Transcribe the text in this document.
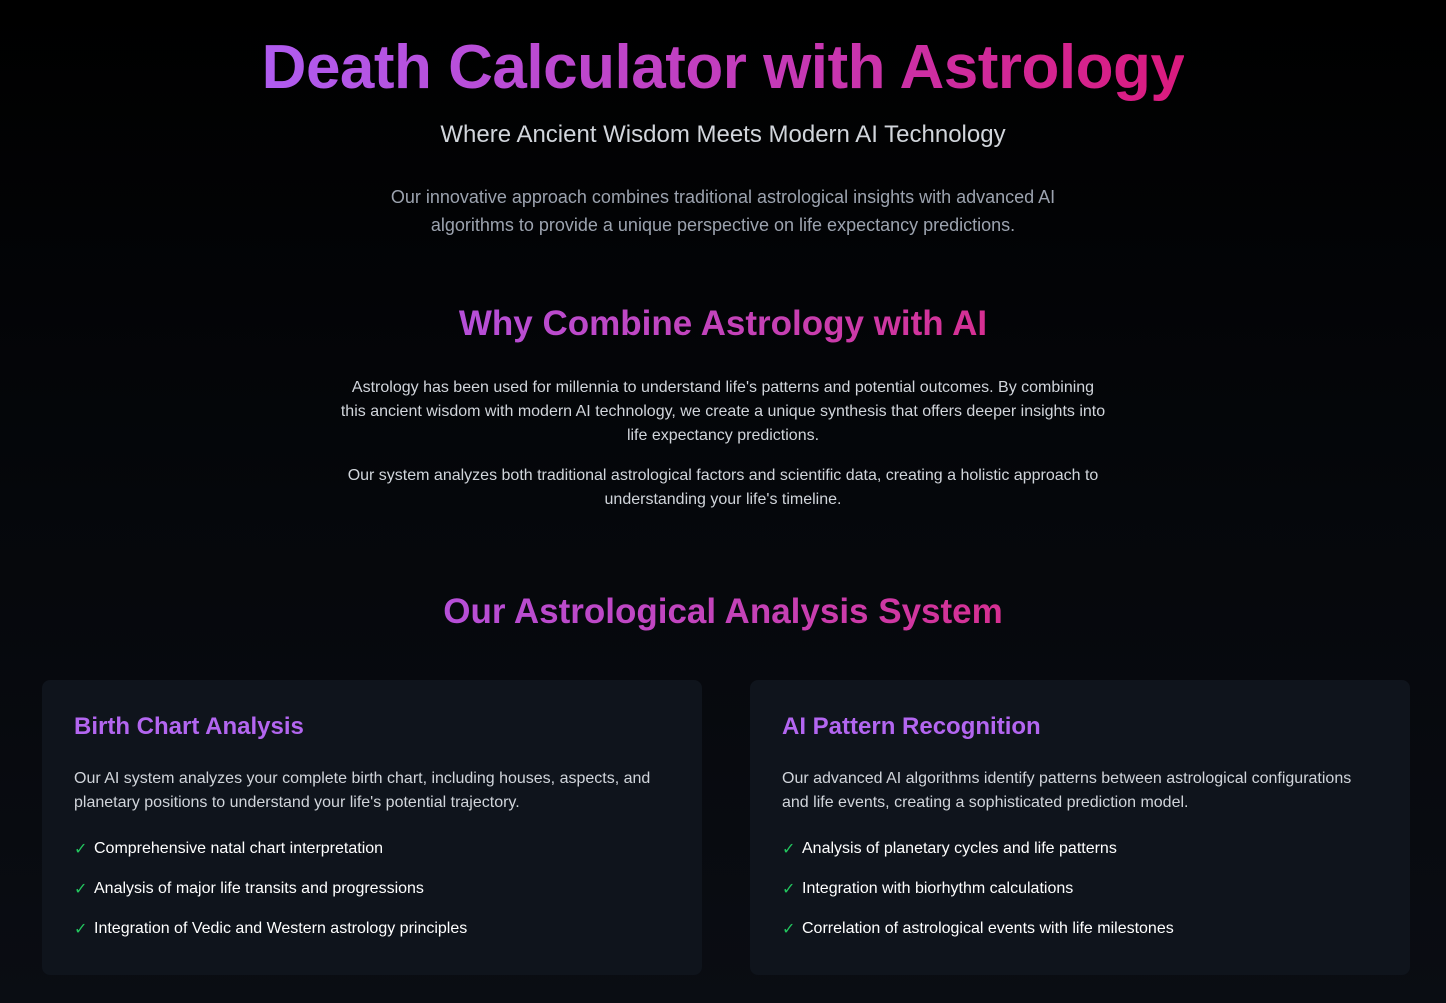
Death Calculator with Astrology
Where Ancient Wisdom Meets Modern AI Technology

Our innovative approach combines traditional astrological insights with advanced AI algorithms to provide a unique perspective on life expectancy predictions.

Why Combine Astrology with AI

Astrology has been used for millennia to understand life's patterns and potential outcomes. By combining this ancient wisdom with modern AI technology, we create a unique synthesis that offers deeper insights into life expectancy predictions.

Our system analyzes both traditional astrological factors and scientific data, creating a holistic approach to understanding your life's timeline.

Our Astrological Analysis System
Birth Chart Analysis

Our AI system analyzes your complete birth chart, including houses, aspects, and planetary positions to understand your life's potential trajectory.

✓ Comprehensive natal chart interpretation
✓ Analysis of major life transits and progressions
✓ Integration of Vedic and Western astrology principles
AI Pattern Recognition

Our advanced AI algorithms identify patterns between astrological configurations and life events, creating a sophisticated prediction model.

✓ Analysis of planetary cycles and life patterns
✓ Integration with biorhythm calculations
✓ Correlation of astrological events with life milestones
